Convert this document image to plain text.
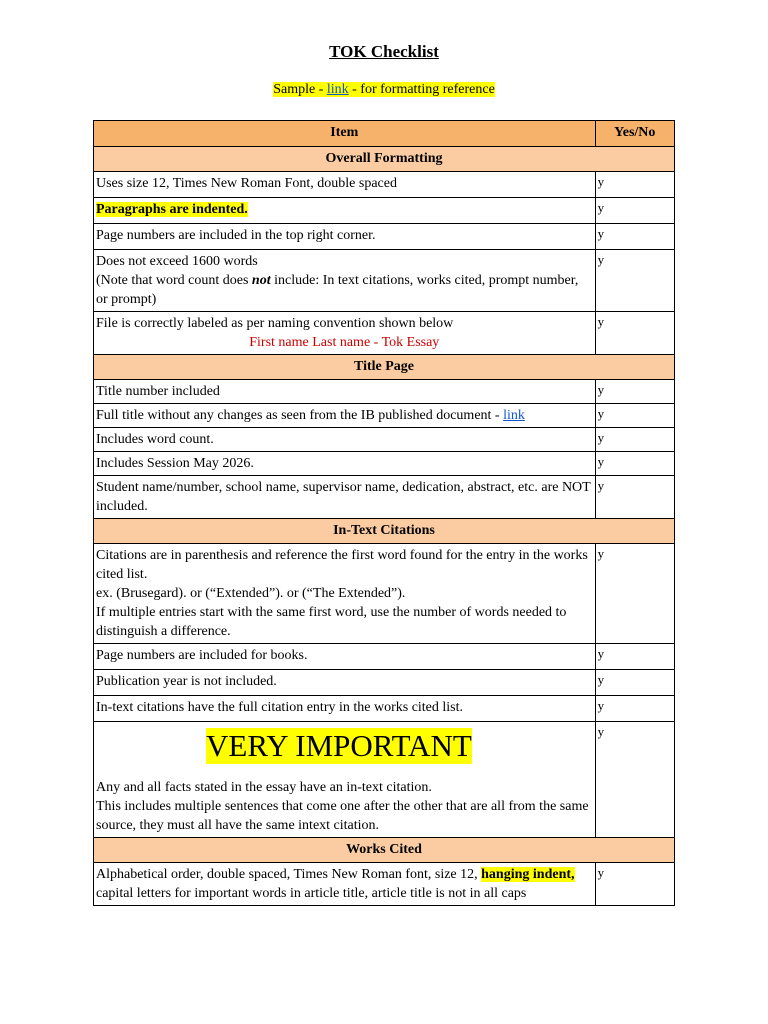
TOK Checklist
Sample - link - for formatting reference
Item	Yes/No
Overall Formatting	
Uses size 12, Times New Roman Font, double spaced	y
Paragraphs are indented.	y
Page numbers are included in the top right corner.	y
Does not exceed 1600 words
(Note that word count does not include: In text citations, works cited, prompt number, or prompt)	y
File is correctly labeled as per naming convention shown below
First name Last name - Tok Essay	y
Title Page	
Title number included	y
Full title without any changes as seen from the IB published document - link	y
Includes word count.	y
Includes Session May 2026.	y
Student name/number, school name, supervisor name, dedication, abstract, etc. are NOT included.	y
In-Text Citations	
Citations are in parenthesis and reference the first word found for the entry in the works cited list.
ex. (Brusegard). or (“Extended”). or (“The Extended”).
If multiple entries start with the same first word, use the number of words needed to distinguish a difference.	y
Page numbers are included for books.	y
Publication year is not included.	y
In-text citations have the full citation entry in the works cited list.	y
VERY IMPORTANT
Any and all facts stated in the essay have an in-text citation.
This includes multiple sentences that come one after the other that are all from the same source, they must all have the same intext citation.	y
Works Cited	
Alphabetical order, double spaced, Times New Roman font, size 12, hanging indent, capital letters for important words in article title, article title is not in all caps	y
